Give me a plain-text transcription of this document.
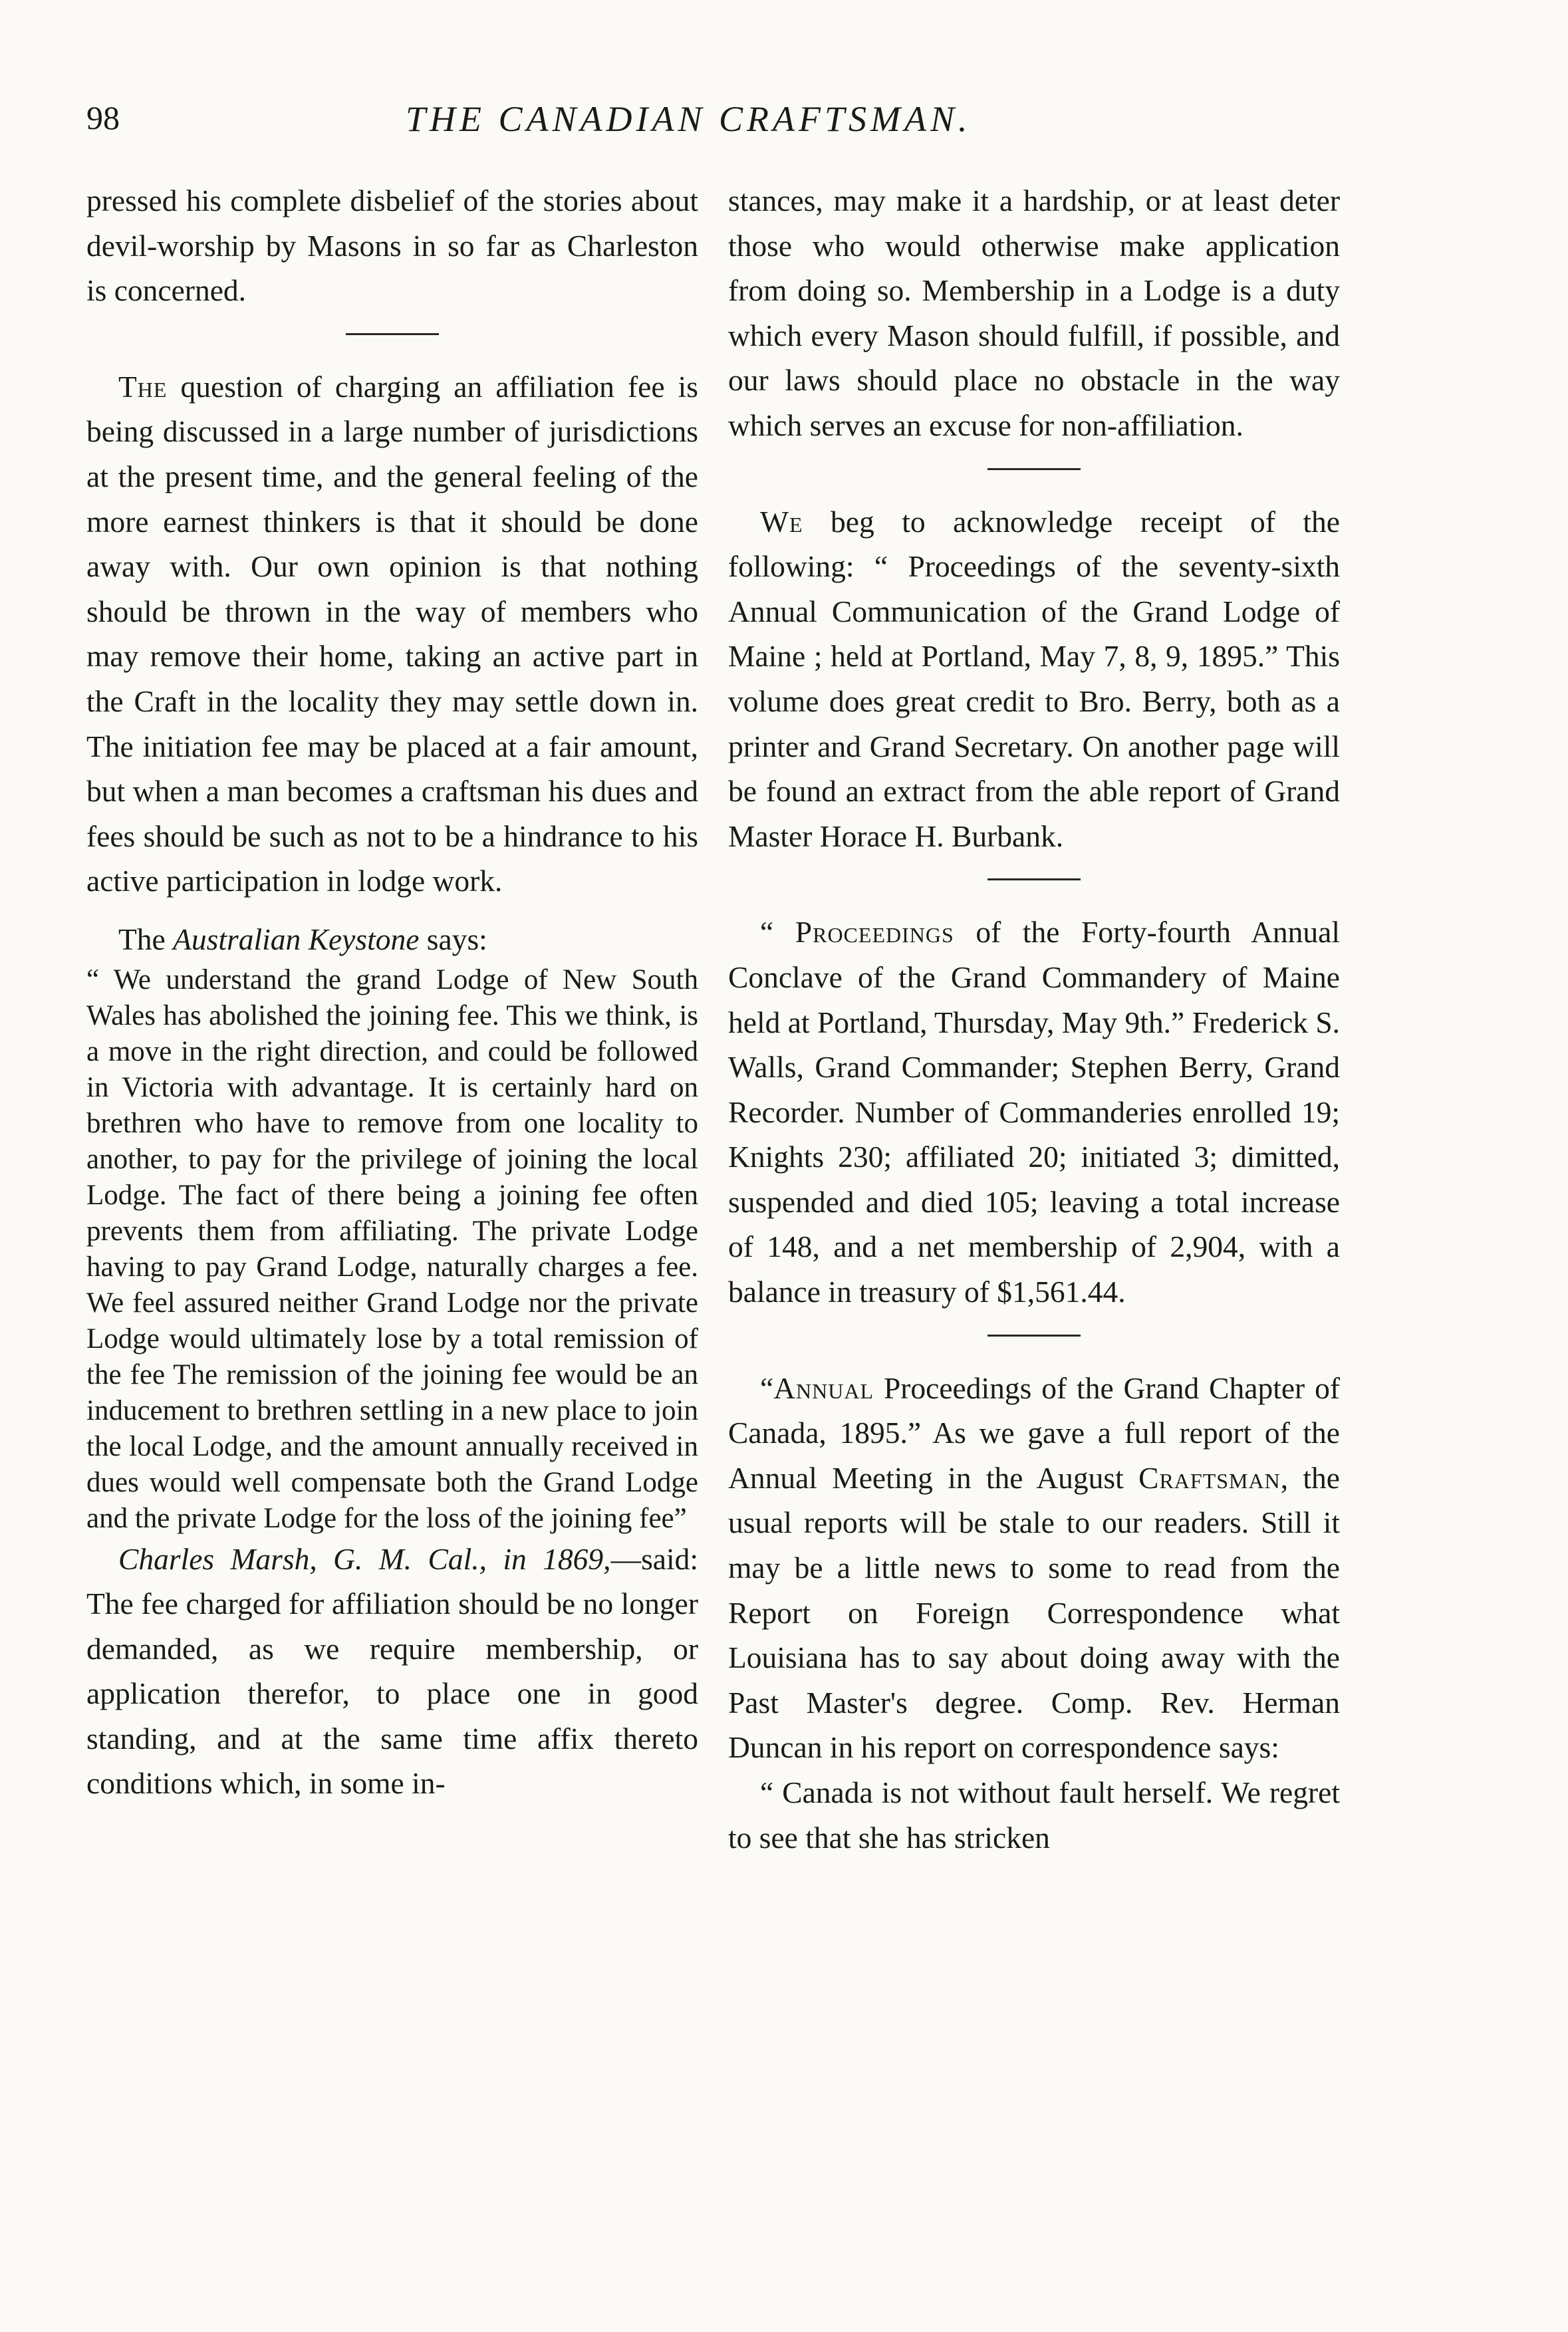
98	THE CANADIAN CRAFTSMAN.

pressed his complete disbelief of the stories about devil-worship by Masons in so far as Charleston is concerned.

The question of charging an affiliation fee is being discussed in a large number of jurisdictions at the present time, and the general feeling of the more earnest thinkers is that it should be done away with. Our own opinion is that nothing should be thrown in the way of members who may remove their home, taking an active part in the Craft in the locality they may settle down in. The initiation fee may be placed at a fair amount, but when a man becomes a craftsman his dues and fees should be such as not to be a hindrance to his active participation in lodge work.

The Australian Keystone says:

“ We understand the grand Lodge of New South Wales has abolished the joining fee. This we think, is a move in the right direction, and could be followed in Victoria with advantage. It is certainly hard on brethren who have to remove from one locality to another, to pay for the privilege of joining the local Lodge. The fact of there being a joining fee often prevents them from affiliating. The private Lodge having to pay Grand Lodge, naturally charges a fee. We feel assured neither Grand Lodge nor the private Lodge would ultimately lose by a total remission of the fee The remission of the joining fee would be an inducement to brethren settling in a new place to join the local Lodge, and the amount annually received in dues would well compensate both the Grand Lodge and the private Lodge for the loss of the joining fee”

Charles Marsh, G. M. Cal., in 1869,—said: The fee charged for affiliation should be no longer demanded, as we require membership, or application therefor, to place one in good standing, and at the same time affix thereto conditions which, in some in-

stances, may make it a hardship, or at least deter those who would otherwise make application from doing so. Membership in a Lodge is a duty which every Mason should fulfill, if possible, and our laws should place no obstacle in the way which serves an excuse for non-affiliation.

We beg to acknowledge receipt of the following: “ Proceedings of the seventy-sixth Annual Communication of the Grand Lodge of Maine ; held at Portland, May 7, 8, 9, 1895.” This volume does great credit to Bro. Berry, both as a printer and Grand Secretary. On another page will be found an extract from the able report of Grand Master Horace H. Burbank.

“ Proceedings of the Forty-fourth Annual Conclave of the Grand Commandery of Maine held at Portland, Thursday, May 9th.” Frederick S. Walls, Grand Commander; Stephen Berry, Grand Recorder. Number of Commanderies enrolled 19; Knights 230; affiliated 20; initiated 3; dimitted, suspended and died 105; leaving a total increase of 148, and a net membership of 2,904, with a balance in treasury of $1,561.44.

“Annual Proceedings of the Grand Chapter of Canada, 1895.” As we gave a full report of the Annual Meeting in the August Craftsman, the usual reports will be stale to our readers. Still it may be a little news to some to read from the Report on Foreign Correspondence what Louisiana has to say about doing away with the Past Master's degree. Comp. Rev. Herman Duncan in his report on correspondence says:

“ Canada is not without fault herself. We regret to see that she has stricken
